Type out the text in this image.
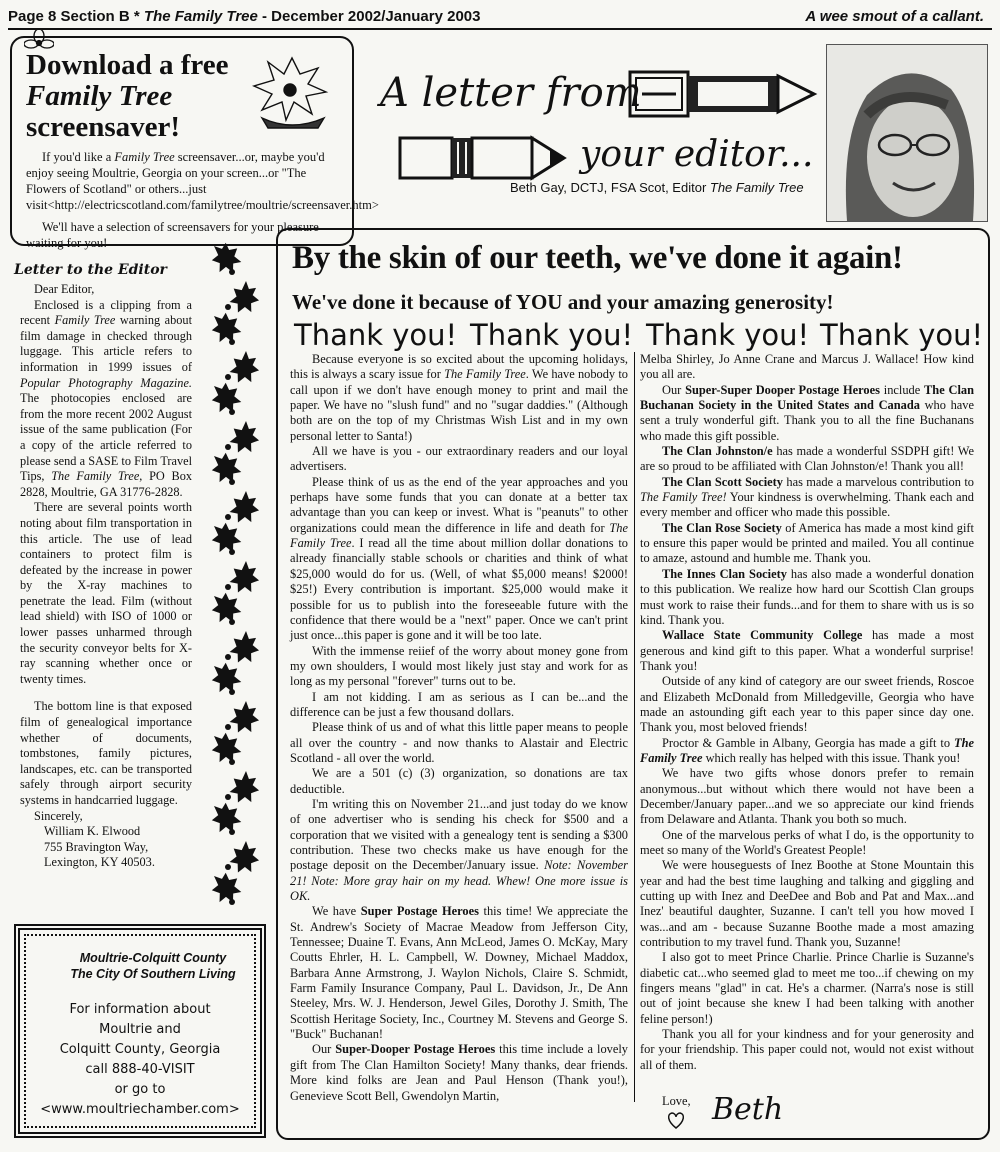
Page 8 Section B * The Family Tree - December 2002/January 2003	A wee smout of a callant.
Download a free
Family Tree
screensaver!

If you'd like a Family Tree screensaver...or, maybe you'd enjoy seeing Moultrie, Georgia on your screen...or "The Flowers of Scotland" or others...just visit<http://electricscotland.com/familytree/moultrie/screensaver.htm>

We'll have a selection of screensavers for your pleasure waiting for you!

A letter from
your editor...
Beth Gay, DCTJ, FSA Scot, Editor The Family Tree
Letter to the Editor

Dear Editor,

Enclosed is a clipping from a recent Family Tree warning about film damage in checked through luggage. This article refers to information in 1999 issues of Popular Photography Magazine. The photocopies enclosed are from the more recent 2002 August issue of the same publication (For a copy of the article referred to please send a SASE to Film Travel Tips, The Family Tree, PO Box 2828, Moultrie, GA 31776-2828.

There are several points worth noting about film transportation in this article. The use of lead containers to protect film is defeated by the increase in power by the X-ray machines to penetrate the lead. Film (without lead shield) with ISO of 1000 or lower passes unharmed through the security conveyor belts for X-ray scanning whether once or twenty times.

The bottom line is that exposed film of genealogical importance whether of documents, tombstones, family pictures, landscapes, etc. can be transported safely through airport security systems in handcarried luggage.

Sincerely,

William K. Elwood

755 Bravington Way,

Lexington, KY 40503.

Moultrie-Colquitt County
The City Of Southern Living
For information about
Moultrie and
Colquitt County, Georgia
call 888-40-VISIT
or go to
<www.moultriechamber.com>
By the skin of our teeth, we've done it again!
We've done it because of YOU and your amazing generosity!
Thank you! Thank you! Thank you! Thank you!

Because everyone is so excited about the upcoming holidays, this is always a scary issue for The Family Tree. We have nobody to call upon if we don't have enough money to print and mail the paper. We have no "slush fund" and no "sugar daddies." (Although both are on the top of my Christmas Wish List and in my own personal letter to Santa!)

All we have is you - our extraordinary readers and our loyal advertisers.

Please think of us as the end of the year approaches and you perhaps have some funds that you can donate at a better tax advantage than you can keep or invest. What is "peanuts" to other organizations could mean the difference in life and death for The Family Tree. I read all the time about million dollar donations to already financially stable schools or charities and think of what $25,000 would do for us. (Well, of what $5,000 means! $2000! $25!) Every contribution is important. $25,000 would make it possible for us to publish into the foreseeable future with the confidence that there would be a "next" paper. Once we can't print just once...this paper is gone and it will be too late.

With the immense reiief of the worry about money gone from my own shoulders, I would most likely just stay and work for as long as my personal "forever" turns out to be.

I am not kidding. I am as serious as I can be...and the difference can be just a few thousand dollars.

Please think of us and of what this little paper means to people all over the country - and now thanks to Alastair and Electric Scotland - all over the world.

We are a 501 (c) (3) organization, so donations are tax deductible.

I'm writing this on November 21...and just today do we know of one advertiser who is sending his check for $500 and a corporation that we visited with a genealogy tent is sending a $300 contribution. These two checks make us have enough for the postage deposit on the December/January issue. Note: November 21! Note: More gray hair on my head. Whew! One more issue is OK.

We have Super Postage Heroes this time! We appreciate the St. Andrew's Society of Macrae Meadow from Jefferson City, Tennessee; Duaine T. Evans, Ann McLeod, James O. McKay, Mary Coutts Ehrler, H. L. Campbell, W. Downey, Michael Maddox, Barbara Anne Armstrong, J. Waylon Nichols, Claire S. Schmidt, Farm Family Insurance Company, Paul L. Davidson, Jr., De Ann Steeley, Mrs. W. J. Henderson, Jewel Giles, Dorothy J. Smith, The Scottish Heritage Society, Inc., Courtney M. Stevens and George S. "Buck" Buchanan!

Our Super-Dooper Postage Heroes this time include a lovely gift from The Clan Hamilton Society! Many thanks, dear friends. More kind folks are Jean and Paul Henson (Thank you!), Genevieve Scott Bell, Gwendolyn Martin,

Melba Shirley, Jo Anne Crane and Marcus J. Wallace! How kind you all are.

Our Super-Super Dooper Postage Heroes include The Clan Buchanan Society in the United States and Canada who have sent a truly wonderful gift. Thank you to all the fine Buchanans who made this gift possible.

The Clan Johnston/e has made a wonderful SSDPH gift! We are so proud to be affiliated with Clan Johnston/e! Thank you all!

The Clan Scott Society has made a marvelous contribution to The Family Tree! Your kindness is overwhelming. Thank each and every member and officer who made this possible.

The Clan Rose Society of America has made a most kind gift to ensure this paper would be printed and mailed. You all continue to amaze, astound and humble me. Thank you.

The Innes Clan Society has also made a wonderful donation to this publication. We realize how hard our Scottish Clan groups must work to raise their funds...and for them to share with us is so kind. Thank you.

Wallace State Community College has made a most generous and kind gift to this paper. What a wonderful surprise! Thank you!

Outside of any kind of category are our sweet friends, Roscoe and Elizabeth McDonald from Milledgeville, Georgia who have made an astounding gift each year to this paper since day one. Thank you, most beloved friends!

Proctor & Gamble in Albany, Georgia has made a gift to The Family Tree which really has helped with this issue. Thank you!

We have two gifts whose donors prefer to remain anonymous...but without which there would not have been a December/January paper...and we so appreciate our kind friends from Delaware and Atlanta. Thank you both so much.

One of the marvelous perks of what I do, is the opportunity to meet so many of the World's Greatest People!

We were houseguests of Inez Boothe at Stone Mountain this year and had the best time laughing and talking and giggling and cutting up with Inez and DeeDee and Bob and Pat and Max...and Inez' beautiful daughter, Suzanne. I can't tell you how moved I was...and am - because Suzanne Boothe made a most amazing contribution to my travel fund. Thank you, Suzanne!

I also got to meet Prince Charlie. Prince Charlie is Suzanne's diabetic cat...who seemed glad to meet me too...if chewing on my fingers means "glad" in cat. He's a charmer. (Narra's nose is still out of joint because she knew I had been talking with another feline person!)

Thank you all for your kindness and for your generosity and for your friendship. This paper could not, would not exist without all of them.

Love, Beth
